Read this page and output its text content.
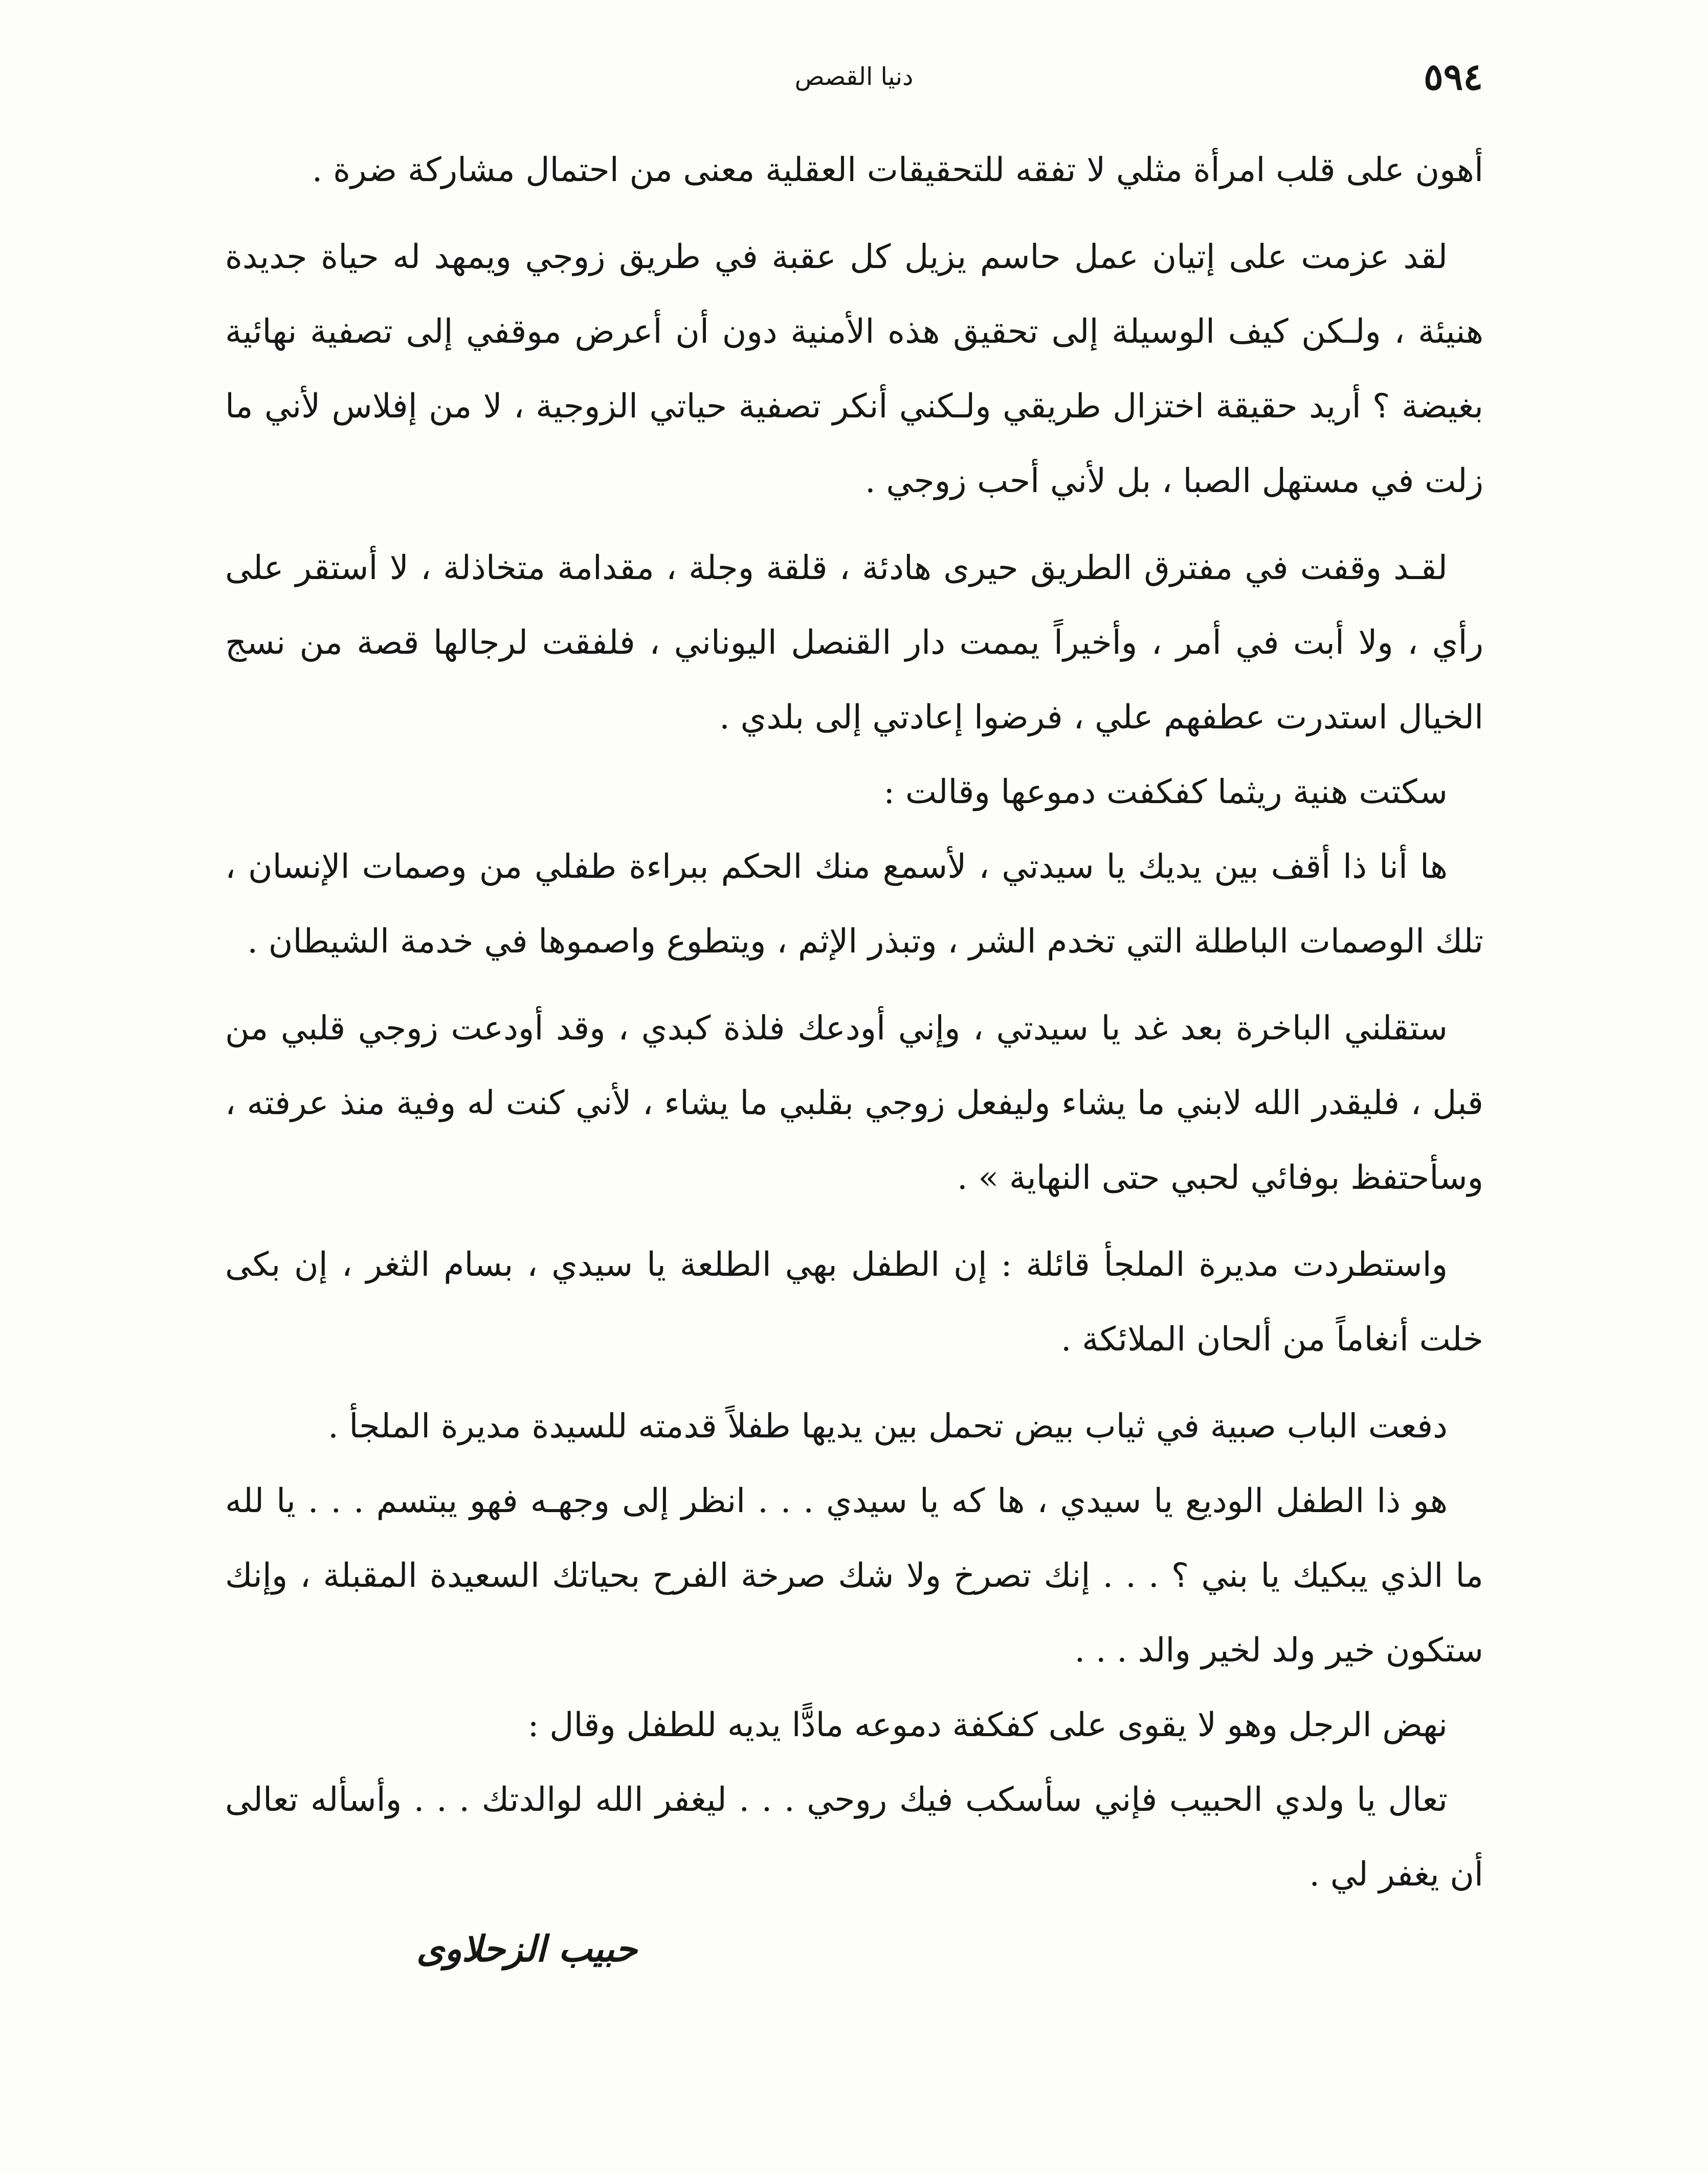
٥٩٤
دنيا القصص

أهون على قلب امرأة مثلي لا تفقه للتحقيقات العقلية معنى من احتمال مشاركة ضرة .

لقد عزمت على إتيان عمل حاسم يزيل كل عقبة في طريق زوجي ويمهد له حياة جديدة هنيئة ، ولـكن كيف الوسيلة إلى تحقيق هذه الأمنية دون أن أعرض موقفي إلى تصفية نهائية بغيضة ؟ أريد حقيقة اختزال طريقي ولـكني أنكر تصفية حياتي الزوجية ، لا من إفلاس لأني ما زلت في مستهل الصبا ، بل لأني أحب زوجي .

لقـد وقفت في مفترق الطريق حيرى هادئة ، قلقة وجلة ، مقدامة متخاذلة ، لا أستقر على رأي ، ولا أبت في أمر ، وأخيراً يممت دار القنصل اليوناني ، فلفقت لرجالها قصة من نسج الخيال استدرت عطفهم علي ، فرضوا إعادتي إلى بلدي .

سكتت هنية ريثما كفكفت دموعها وقالت :

ها أنا ذا أقف بين يديك يا سيدتي ، لأسمع منك الحكم ببراءة طفلي من وصمات الإنسان ، تلك الوصمات الباطلة التي تخدم الشر ، وتبذر الإثم ، ويتطوع واصموها في خدمة الشيطان .

ستقلني الباخرة بعد غد يا سيدتي ، وإني أودعك فلذة كبدي ، وقد أودعت زوجي قلبي من قبل ، فليقدر الله لابني ما يشاء وليفعل زوجي بقلبي ما يشاء ، لأني كنت له وفية منذ عرفته ، وسأحتفظ بوفائي لحبي حتى النهاية » .

واستطردت مديرة الملجأ قائلة : إن الطفل بهي الطلعة يا سيدي ، بسام الثغر ، إن بكى خلت أنغاماً من ألحان الملائكة .

دفعت الباب صبية في ثياب بيض تحمل بين يديها طفلاً قدمته للسيدة مديرة الملجأ .

هو ذا الطفل الوديع يا سيدي ، ها كه يا سيدي . . . انظر إلى وجهـه فهو يبتسم . . . يا لله ما الذي يبكيك يا بني ؟ . . . إنك تصرخ ولا شك صرخة الفرح بحياتك السعيدة المقبلة ، وإنك ستكون خير ولد لخير والد . . .

نهض الرجل وهو لا يقوى على كفكفة دموعه مادًّا يديه للطفل وقال :

تعال يا ولدي الحبيب فإني سأسكب فيك روحي . . . ليغفر الله لوالدتك . . . وأسأله تعالى أن يغفر لي .

حبيب الزحلاوى
